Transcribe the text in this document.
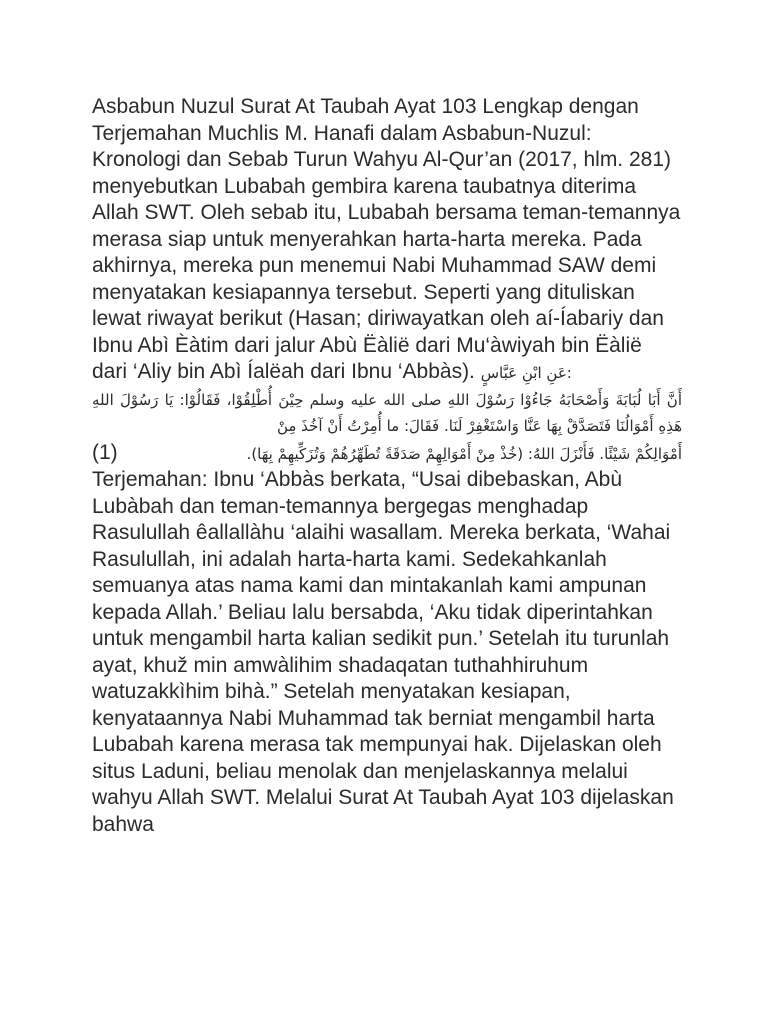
Asbabun Nuzul Surat At Taubah Ayat 103 Lengkap dengan Terjemahan Muchlis M. Hanafi dalam Asbabun-Nuzul: Kronologi dan Sebab Turun Wahyu Al-Qur’an (2017, hlm. 281) menyebutkan Lubabah gembira karena taubatnya diterima Allah SWT. Oleh sebab itu, Lubabah bersama teman-temannya merasa siap untuk menyerahkan harta-harta mereka. Pada akhirnya, mereka pun menemui Nabi Muhammad SAW demi menyatakan kesiapannya tersebut. Seperti yang dituliskan lewat riwayat berikut (Hasan; diriwayatkan oleh aí-Íabariy dan Ibnu Abì Èàtim dari jalur Abù Ëàlië dari Mu‘àwiyah bin Ëàlië dari ‘Aliy bin Abì Íalëah dari Ibnu ‘Abbàs). :عَنِ ابْنِ عَبَّاسٍ

أَنَّ أَبَا لُبَابَةَ وَأَصْحَابَهُ جَاءُوْا رَسُوْلَ اللهِ صلى الله عليه وسلم حِيْنَ أُطْلِقُوْا، فَقَالُوْا: يَا رَسُوْلَ اللهِ هَذِهِ أَمْوَالُنَا فَتَصَدَّقْ بِهَا عَنَّا وَاسْتَغْفِرْ لَنَا. فَقَالَ: ما أُمِرْتُ أَنْ آخُذَ مِنْ

(1)	أَمْوَالِكُمْ شَيْئًا. فَأَنْزَلَ اللهُ: (خُذْ مِنْ أَمْوَالِهِمْ صَدَقَةً تُطَهِّرُهُمْ وَتُزَكِّيهِمْ بِهَا).

Terjemahan: Ibnu ‘Abbàs berkata, “Usai dibebaskan, Abù Lubàbah dan teman-temannya bergegas menghadap Rasulullah êallallàhu ‘alaihi wasallam. Mereka berkata, ‘Wahai Rasulullah, ini adalah harta-harta kami. Sedekahkanlah semuanya atas nama kami dan mintakanlah kami ampunan kepada Allah.’ Beliau lalu bersabda, ‘Aku tidak diperintahkan untuk mengambil harta kalian sedikit pun.’ Setelah itu turunlah ayat, khuž min amwàlihim shadaqatan tuthahhiruhum watuzakkìhim bihà.” Setelah menyatakan kesiapan, kenyataannya Nabi Muhammad tak berniat mengambil harta Lubabah karena merasa tak mempunyai hak. Dijelaskan oleh situs Laduni, beliau menolak dan menjelaskannya melalui wahyu Allah SWT. Melalui Surat At Taubah Ayat 103 dijelaskan bahwa
